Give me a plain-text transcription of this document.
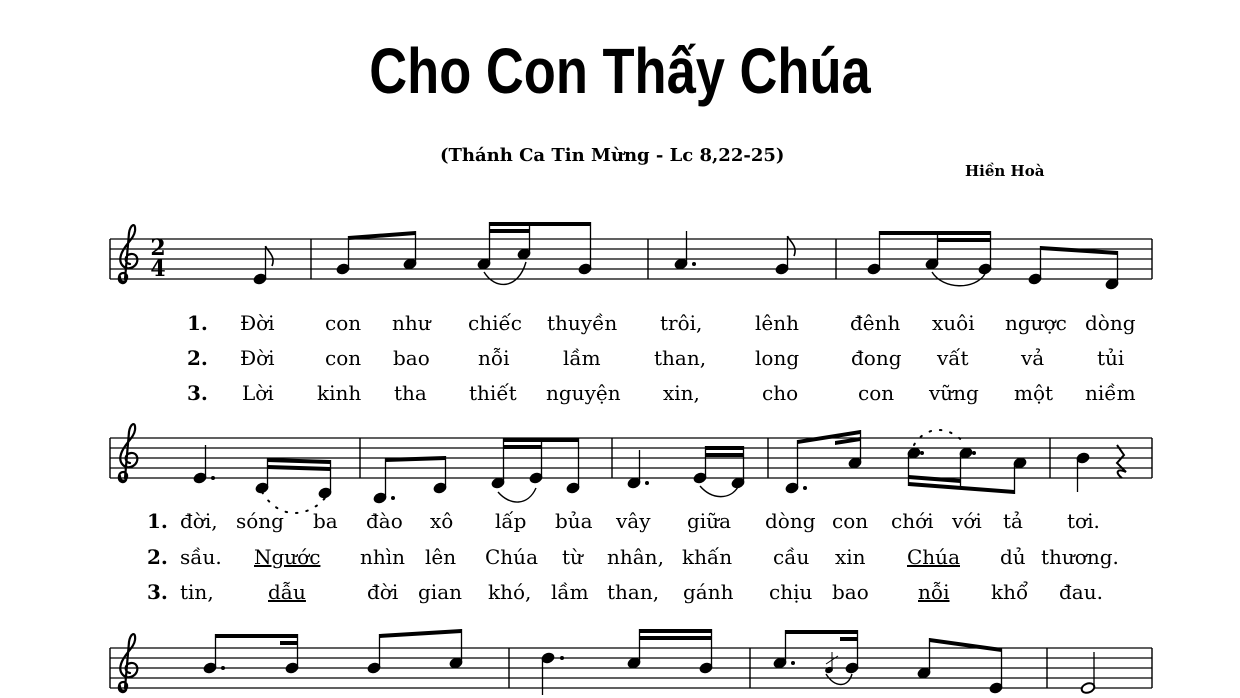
Cho Con Thấy Chúa
(Thánh Ca Tin Mừng - Lc 8,22-25)
Hiền Hoà
2
4
1. Đời	con như chiếc thuyền trôi,	lênh	đênh xuôi ngược dòng
2. Đời	con bao nỗi	lầm	than, long	đong vất	vả	tủi
3. Lời kinh tha thiết nguyện xin,	cho	con vững một niềm
1. đời, sóng ba đào xô lấp bủa vây giữa dòng con chới với tả tơi.
2. sầu. Ngước nhìn lên Chúa từ nhân, khấn cầu xin Chúa dủ thương.
3. tin,	dẫu	đời gian khó, lầm than, gánh chịu bao nỗi khổ đau.
